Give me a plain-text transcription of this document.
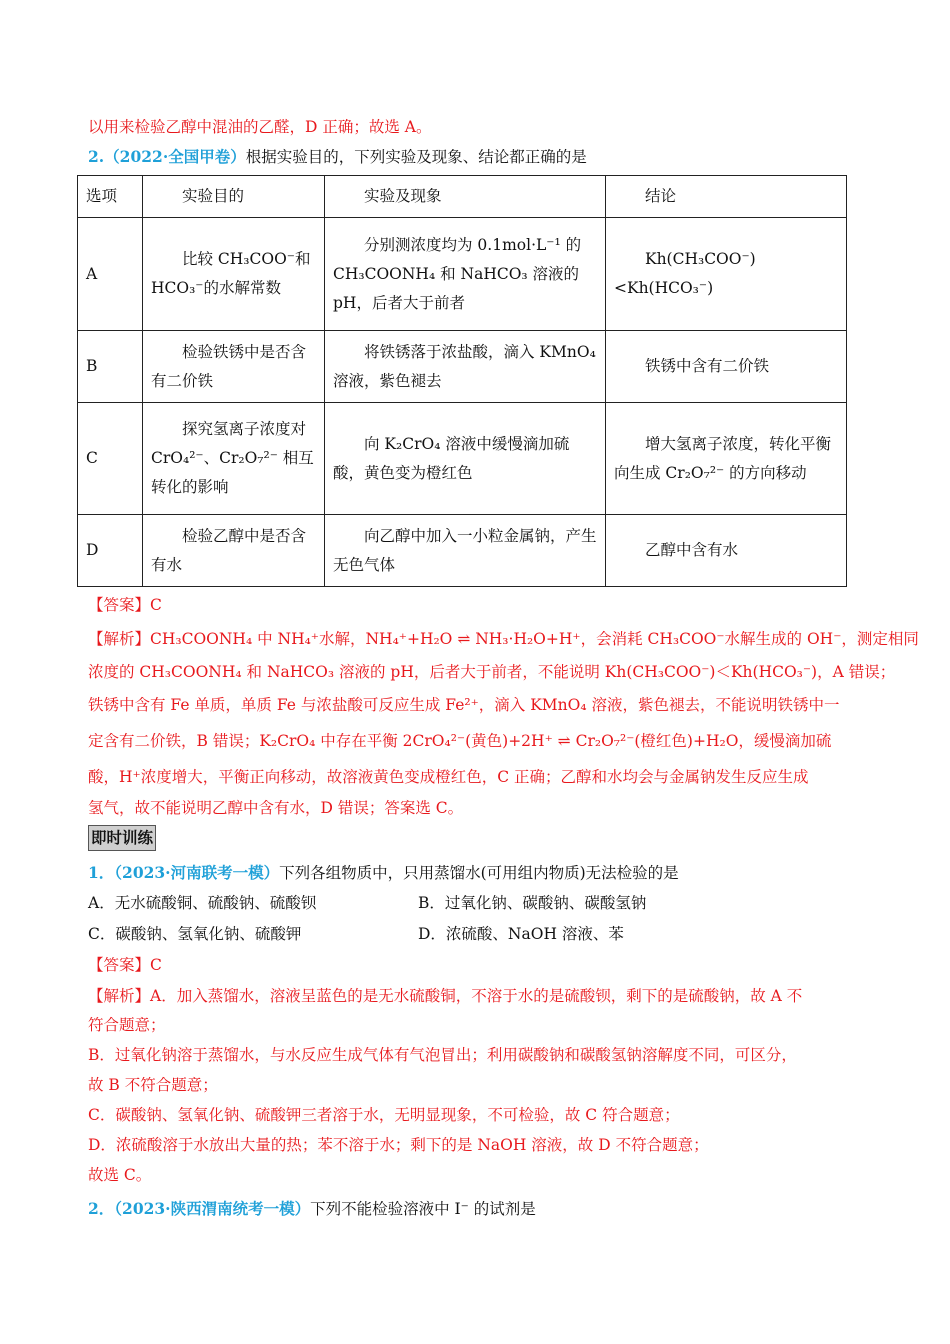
以用来检验乙醇中混油的乙醛，D 正确；故选 A。
2.（2022·全国甲卷）根据实验目的，下列实验及现象、结论都正确的是
选项	实验目的	实验及现象	结论
A	比较 CH₃COO⁻和 HCO₃⁻的水解常数	分别测浓度均为 0.1mol·L⁻¹ 的 CH₃COONH₄ 和 NaHCO₃ 溶液的 pH，后者大于前者	Kh(CH₃COO⁻)<Kh(HCO₃⁻)
B	检验铁锈中是否含有二价铁	将铁锈落于浓盐酸，滴入 KMnO₄ 溶液，紫色褪去	铁锈中含有二价铁
C	探究氢离子浓度对 CrO₄²⁻、Cr₂O₇²⁻ 相互转化的影响	向 K₂CrO₄ 溶液中缓慢滴加硫酸，黄色变为橙红色	增大氢离子浓度，转化平衡向生成 Cr₂O₇²⁻ 的方向移动
D	检验乙醇中是否含有水	向乙醇中加入一小粒金属钠，产生无色气体	乙醇中含有水
【答案】C
【解析】CH₃COONH₄ 中 NH₄⁺水解，NH₄⁺+H₂O ⇌ NH₃·H₂O+H⁺，会消耗 CH₃COO⁻水解生成的 OH⁻，测定相同
浓度的 CH₃COONH₄ 和 NaHCO₃ 溶液的 pH，后者大于前者，不能说明 Kh(CH₃COO⁻)＜Kh(HCO₃⁻)，A 错误；
铁锈中含有 Fe 单质，单质 Fe 与浓盐酸可反应生成 Fe²⁺，滴入 KMnO₄ 溶液，紫色褪去，不能说明铁锈中一
定含有二价铁，B 错误；K₂CrO₄ 中存在平衡 2CrO₄²⁻(黄色)+2H⁺ ⇌ Cr₂O₇²⁻(橙红色)+H₂O，缓慢滴加硫
酸，H⁺浓度增大，平衡正向移动，故溶液黄色变成橙红色，C 正确；乙醇和水均会与金属钠发生反应生成
氢气，故不能说明乙醇中含有水，D 错误；答案选 C。
即时训练
1．（2023·河南联考一模）下列各组物质中，只用蒸馏水(可用组内物质)无法检验的是
A．无水硫酸铜、硫酸钠、硫酸钡	B．过氧化钠、碳酸钠、碳酸氢钠
C．碳酸钠、氢氧化钠、硫酸钾	D．浓硫酸、NaOH 溶液、苯
【答案】C
【解析】A．加入蒸馏水，溶液呈蓝色的是无水硫酸铜，不溶于水的是硫酸钡，剩下的是硫酸钠，故 A 不
符合题意；
B．过氧化钠溶于蒸馏水，与水反应生成气体有气泡冒出；利用碳酸钠和碳酸氢钠溶解度不同，可区分，
故 B 不符合题意；
C．碳酸钠、氢氧化钠、硫酸钾三者溶于水，无明显现象，不可检验，故 C 符合题意；
D．浓硫酸溶于水放出大量的热；苯不溶于水；剩下的是 NaOH 溶液，故 D 不符合题意；
故选 C。
2．（2023·陕西渭南统考一模）下列不能检验溶液中 I⁻ 的试剂是
